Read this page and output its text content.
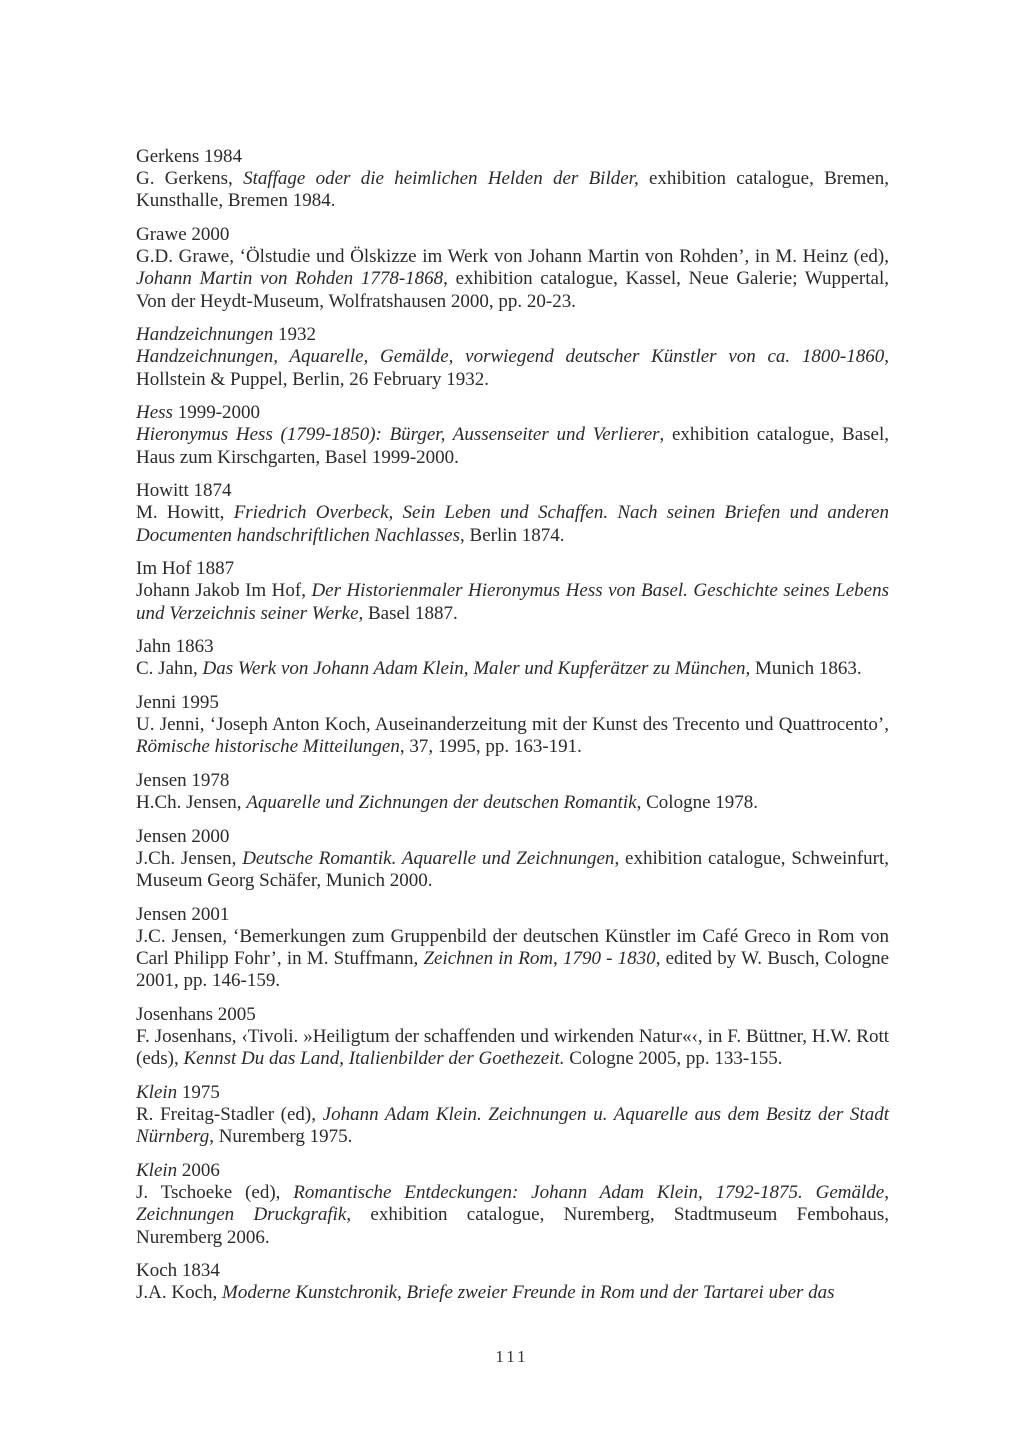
Gerkens 1984
G. Gerkens, Staffage oder die heimlichen Helden der Bilder, exhibition catalogue, Bremen, Kunsthalle, Bremen 1984.
Grawe 2000
G.D. Grawe, ‘Ölstudie und Ölskizze im Werk von Johann Martin von Rohden’, in M. Heinz (ed), Johann Martin von Rohden 1778-1868, exhibition catalogue, Kassel, Neue Galerie; Wuppertal, Von der Heydt-Museum, Wolfratshausen 2000, pp. 20-23.
Handzeichnungen 1932
Handzeichnungen, Aquarelle, Gemälde, vorwiegend deutscher Künstler von ca. 1800-1860, Hollstein & Puppel, Berlin, 26 February 1932.
Hess 1999-2000
Hieronymus Hess (1799-1850): Bürger, Aussenseiter und Verlierer, exhibition catalogue, Basel, Haus zum Kirschgarten, Basel 1999-2000.
Howitt 1874
M. Howitt, Friedrich Overbeck, Sein Leben und Schaffen. Nach seinen Briefen und anderen Documenten handschriftlichen Nachlasses, Berlin 1874.
Im Hof 1887
Johann Jakob Im Hof, Der Historienmaler Hieronymus Hess von Basel. Geschichte seines Lebens und Verzeichnis seiner Werke, Basel 1887.
Jahn 1863
C. Jahn, Das Werk von Johann Adam Klein, Maler und Kupferätzer zu München, Munich 1863.
Jenni 1995
U. Jenni, ‘Joseph Anton Koch, Auseinanderzeitung mit der Kunst des Trecento und Quattrocento’, Römische historische Mitteilungen, 37, 1995, pp. 163-191.
Jensen 1978
H.Ch. Jensen, Aquarelle und Zichnungen der deutschen Romantik, Cologne 1978.
Jensen 2000
J.Ch. Jensen, Deutsche Romantik. Aquarelle und Zeichnungen, exhibition catalogue, Schweinfurt, Museum Georg Schäfer, Munich 2000.
Jensen 2001
J.C. Jensen, ‘Bemerkungen zum Gruppenbild der deutschen Künstler im Café Greco in Rom von Carl Philipp Fohr’, in M. Stuffmann, Zeichnen in Rom, 1790 - 1830, edited by W. Busch, Cologne 2001, pp. 146-159.
Josenhans 2005
F. Josenhans, ‹Tivoli. »Heiligtum der schaffenden und wirkenden Natur«‹, in F. Büttner, H.W. Rott (eds), Kennst Du das Land, Italienbilder der Goethezeit. Cologne 2005, pp. 133-155.
Klein 1975
R. Freitag-Stadler (ed), Johann Adam Klein. Zeichnungen u. Aquarelle aus dem Besitz der Stadt Nürnberg, Nuremberg 1975.
Klein 2006
J. Tschoeke (ed), Romantische Entdeckungen: Johann Adam Klein, 1792-1875. Gemälde, Zeichnungen Druckgrafik, exhibition catalogue, Nuremberg, Stadtmuseum Fembohaus, Nuremberg 2006.
Koch 1834
J.A. Koch, Moderne Kunstchronik, Briefe zweier Freunde in Rom und der Tartarei uber das
111
